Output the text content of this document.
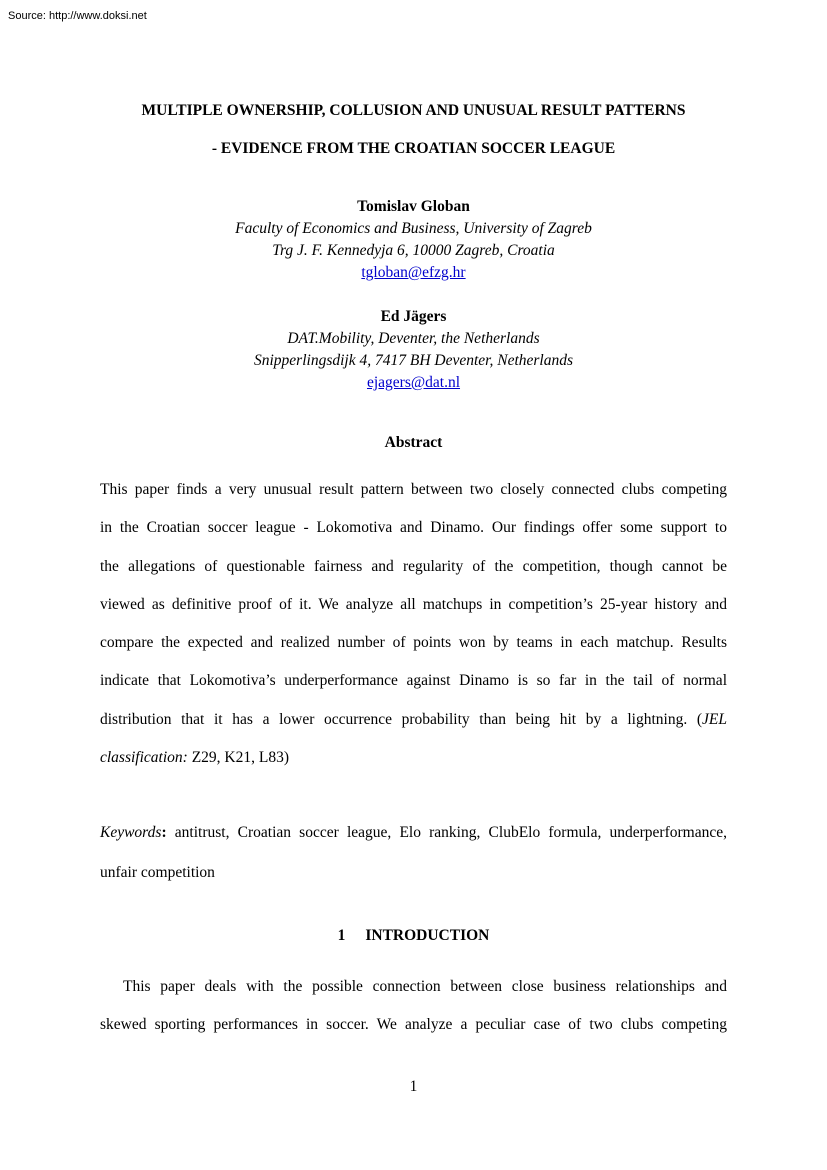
Source: http://www.doksi.net
MULTIPLE OWNERSHIP, COLLUSION AND UNUSUAL RESULT PATTERNS
- EVIDENCE FROM THE CROATIAN SOCCER LEAGUE
Tomislav Globan
Faculty of Economics and Business, University of Zagreb
Trg J. F. Kennedyja 6, 10000 Zagreb, Croatia
tgloban@efzg.hr
Ed Jägers
DAT.Mobility, Deventer, the Netherlands
Snipperlingsdijk 4, 7417 BH Deventer, Netherlands
ejagers@dat.nl
Abstract
This paper finds a very unusual result pattern between two closely connected clubs competing
in the Croatian soccer league - Lokomotiva and Dinamo. Our findings offer some support to
the allegations of questionable fairness and regularity of the competition, though cannot be
viewed as definitive proof of it. We analyze all matchups in competition’s 25-year history and
compare the expected and realized number of points won by teams in each matchup. Results
indicate that Lokomotiva’s underperformance against Dinamo is so far in the tail of normal
distribution that it has a lower occurrence probability than being hit by a lightning. (JEL
classification: Z29, K21, L83)
Keywords: antitrust, Croatian soccer league, Elo ranking, ClubElo formula, underperformance,
unfair competition
1 INTRODUCTION
This paper deals with the possible connection between close business relationships and
skewed sporting performances in soccer. We analyze a peculiar case of two clubs competing
1
